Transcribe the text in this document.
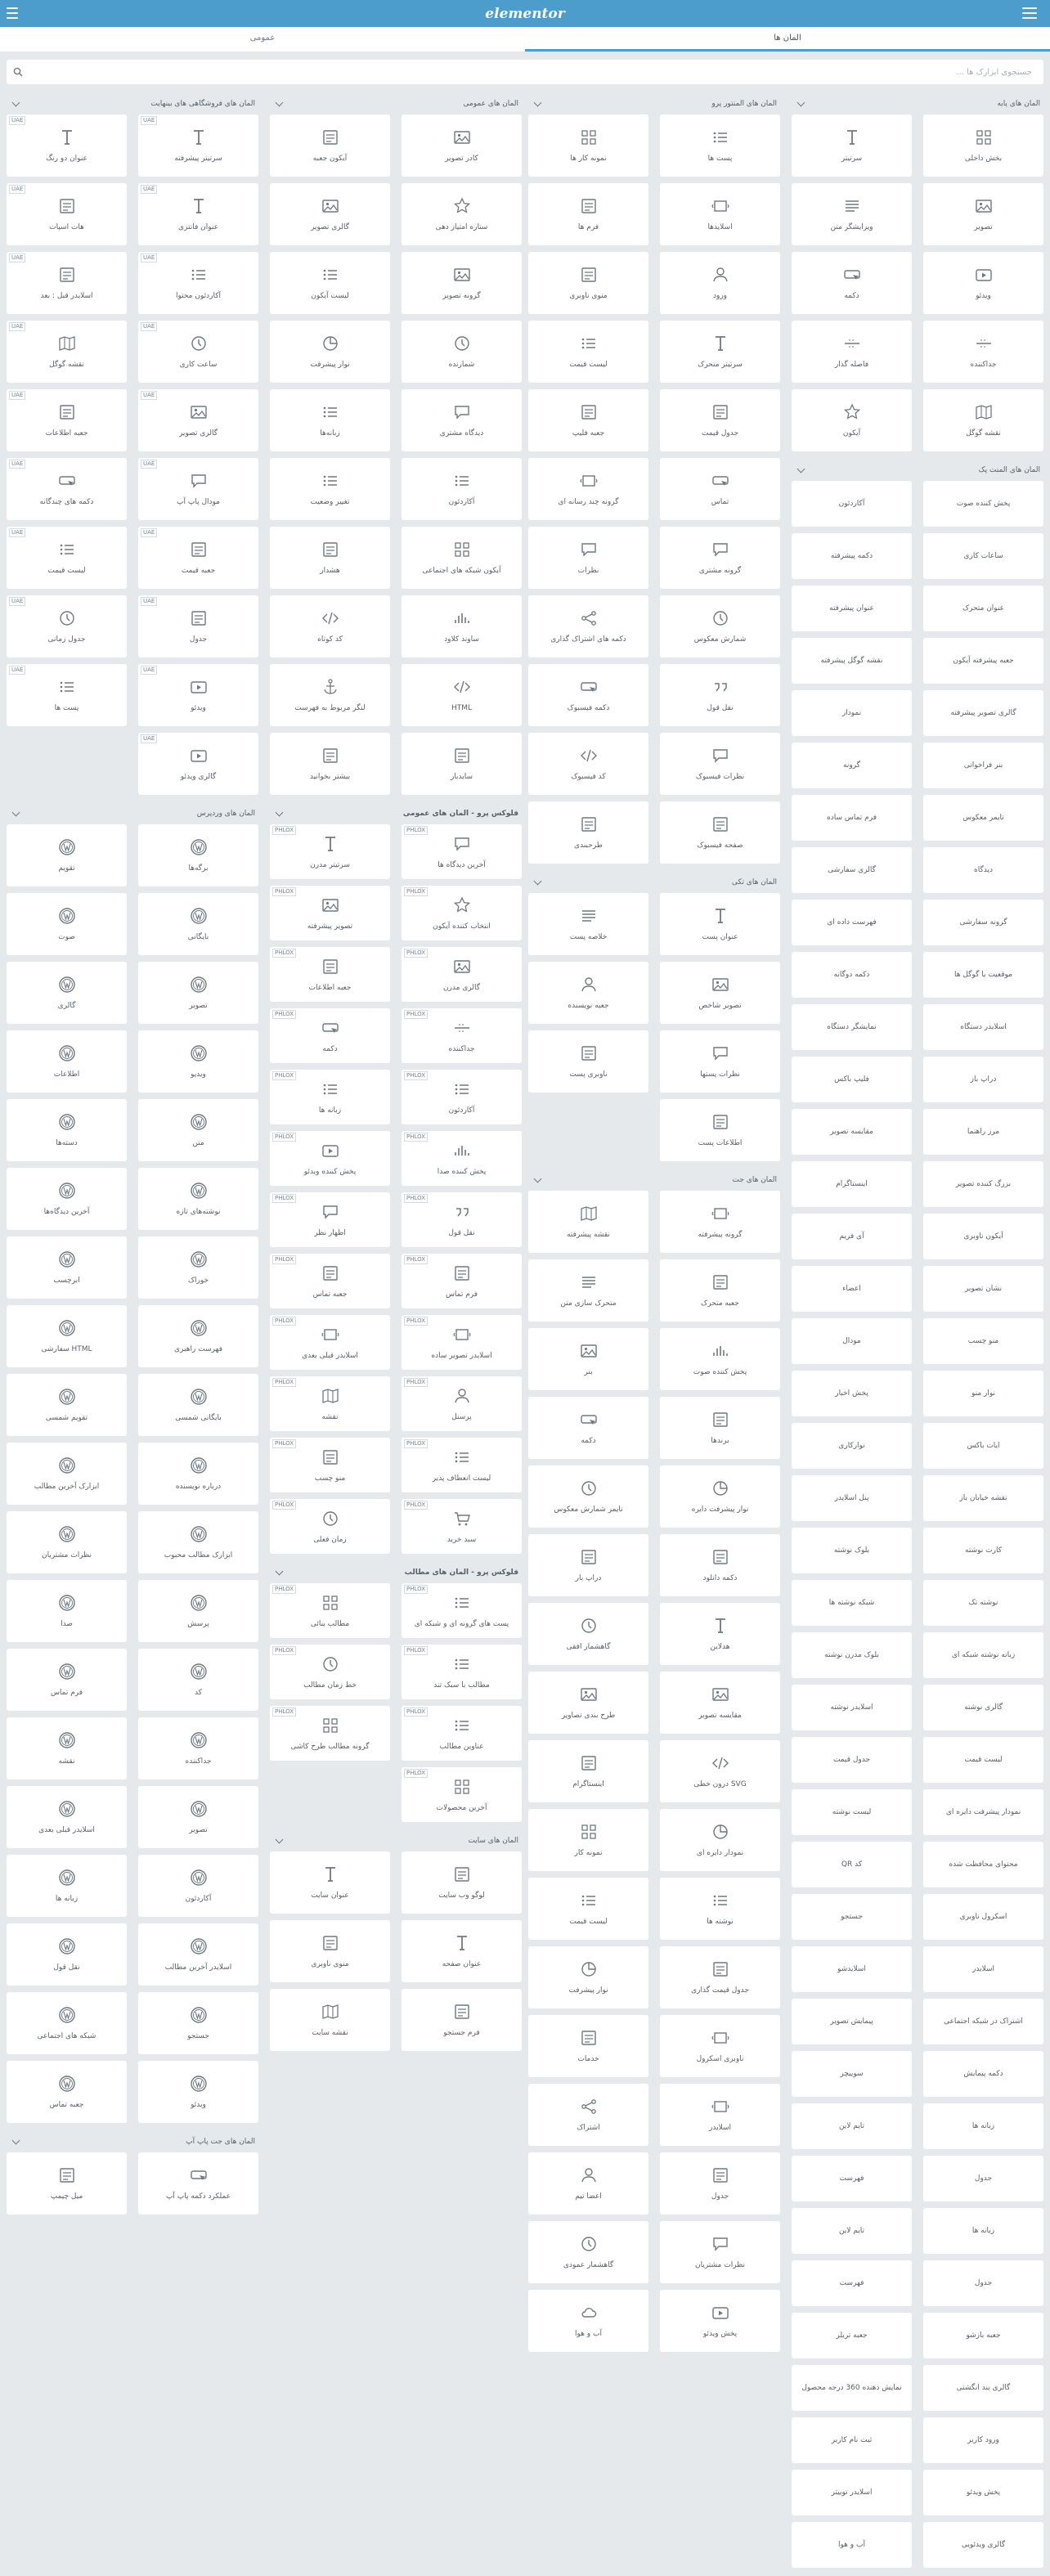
elementor
المان ها
عمومی
جستجوی ابزارک ها ...
المان های پایه
بخش داخلی
سرتیتر
تصویر
ویرایشگر متن
ویدئو
دکمه
جداکننده
فاصله گذار
نقشه گوگل
آیکون
المان های المنت پک
پخش کننده صوت
آکاردئون
ساعات کاری
دکمه پیشرفته
عنوان متحرک
عنوان پیشرفته
جعبه پیشرفته آیکون
نقشه گوگل پیشرفته
گالری تصویر پیشرفته
نمودار
بنر فراخوانی
گرونه
تایمر معکوس
فرم تماس ساده
دیدگاه
گالری سفارشی
گرونه سفارشی
فهرست داده ای
موقعیت یا گوگل ها
دکمه دوگانه
اسلایدر دستگاه
نمایشگر دستگاه
دراپ باز
فلیپ باکس
مرز راهنما
مقایسه تصویر
بزرگ کننده تصویر
اینستاگرام
آیکون ناوبری
آی فریم
نشان تصویر
اعضاء
منو چسب
مودال
نوار منو
پخش اخبار
ایات باکس
نوارکاری
نقشه خیابان باز
پنل اسلایدر
کارت نوشته
بلوک نوشته
نوشته تک
شبکه نوشته ها
زبانه نوشته شبکه ای
بلوک مدرن نوشته
گالری نوشته
اسلایدر نوشته
لیست قیمت
جدول قیمت
نمودار پیشرفت دایره ای
لیست نوشته
محتوای محافظت شده
کد QR
اسکرول ناوبری
جستجو
اسلایدر
اسلایدشو
اشتراک در شبکه اجتماعی
پیمایش تصویر
دکمه پیمایش
سوییچر
زبانه ها
تایم لاین
جدول
فهرست
زبانه ها
تایم لاین
جدول
فهرست
جعبه بازشو
جعبه تریلر
گالری بند انگشتی
نمایش دهنده 360 درجه محصول
ورود کاربر
ثبت نام کاربر
پخش ویدئو
اسلایدر توییتر
گالری ویدئویی
آب و هوا
المان های المنتور پرو
پست ها
نمونه کار ها
اسلایدها
فرم ها
ورود
منوی ناوبری
سرتیتر متحرک
لیست قیمت
جدول قیمت
جعبه فلیپ
تماس
گرونه چند رسانه ای
گرونه مشتری
نظرات
شمارش معکوس
دکمه های اشتراک گذاری
نقل قول
دکمه فیسبوک
نظرات فیسبوک
کد فیسبوک
صفحه فیسبوک
طرحبندی
المان های تکی
عنوان پست
خلاصه پست
تصویر شاخص
جعبه نویسنده
نظرات پستها
ناوبری پست
اطلاعات پست
المان های جت
گرونه پیشرفته
نقشه پیشرفته
جعبه متحرک
متحرک سازی متن
پخش کننده صوت
بنر
برندها
دکمه
نوار پیشرفت دایره
تایمر شمارش معکوس
دکمه دانلود
دراپ بار
هدلاین
گاهشمار افقی
مقایسه تصویر
طرح بندی تصاویر
SVG درون خطی
اینستاگرام
نمودار دایره ای
نمونه کار
نوشته ها
لیست قیمت
جدول قیمت گذاری
نوار پیشرفت
ناوبری اسکرول
خدمات
اسلایدر
اشتراک
جدول
اعضا تیم
نظرات مشتریان
گاهشمار عمودی
پخش ویدئو
آب و هوا
المان های عمومی
کادر تصویر
آیکون جعبه
ستاره امتیاز دهی
گالری تصویر
گرونه تصویر
لیست آیکون
شمارنده
نوار پیشرفت
دیدگاه مشتری
زبانه‌ها
آکاردئون
تغییر وضعیت
آیکون شبکه های اجتماعی
هشدار
ساوند کلاود
کد کوتاه
HTML
لنگر مربوط به فهرست
سایدبار
بیشتر بخوانید
فلوکس پرو - المان های عمومی
PHLOX
آخرین دیدگاه ها
PHLOX
سرتیتر مدرن
PHLOX
انتخاب کننده آیکون
PHLOX
تصویر پیشرفته
PHLOX
گالری مدرن
PHLOX
جعبه اطلاعات
PHLOX
جداکننده
PHLOX
دکمه
PHLOX
آکاردئون
PHLOX
زبانه ها
PHLOX
پخش کننده صدا
PHLOX
پخش کننده ویدئو
PHLOX
نقل قول
PHLOX
اظهار نظر
PHLOX
فرم تماس
PHLOX
جعبه تماس
PHLOX
اسلایدر تصویر ساده
PHLOX
اسلایدر قبلی بعدی
PHLOX
پرسنل
PHLOX
نقشه
PHLOX
لیست انعطاف پذیر
PHLOX
منو چسب
PHLOX
سبد خرید
PHLOX
زمان فعلی
فلوکس پرو - المان های مطالب
PHLOX
پست های گرونه ای و شبکه ای
PHLOX
مطالب بنائی
PHLOX
مطالب با سبک تند
PHLOX
خط زمان مطالب
PHLOX
عناوین مطالب
PHLOX
گرونه مطالب طرح کاشی
PHLOX
آخرین محصولات
المان های سایت
لوگو وب سایت
عنوان سایت
عنوان صفحه
منوی ناوبری
فرم جستجو
نقشه سایت
المان های فروشگاهی های بینهایت
UAE
سرتیتر پیشرفته
UAE
عنوان دو رنگ
UAE
عنوان فانتزی
UAE
هات اسپات
UAE
آکاردئون محتوا
UAE
اسلایدر قبل : بعد
UAE
ساعت کاری
UAE
نقشه گوگل
UAE
گالری تصویر
UAE
جعبه اطلاعات
UAE
مودال پاپ آپ
UAE
دکمه های چندگانه
UAE
جعبه قیمت
UAE
لیست قیمت
UAE
جدول
UAE
جدول زمانی
UAE
ویدئو
UAE
پست ها
UAE
گالری ویدئو
المان های وردپرس
برگه‌ها
تقویم
بایگانی
صوت
تصویر
گالری
ویدیو
اطلاعات
متن
دسته‌ها
نوشته‌های تازه
آخرین دیدگاه‌ها
خوراک
ابرچسب
فهرست راهبری
HTML سفارشی
بایگانی شمسی
تقویم شمسی
درباره نویسنده
ابزارک آخرین مطالب
ابزارک مطالب محبوب
نظرات مشتریان
پرسش
صدا
کد
فرم تماس
جداکننده
نقشه
تصویر
اسلایدر قبلی بعدی
آکاردئون
زبانه ها
اسلایدر آخرین مطالب
نقل قول
جستجو
شبکه های اجتماعی
ویدئو
جعبه تماس
المان های جت پاپ آپ
عملکرد دکمه پاپ آپ
میل چیمپ
